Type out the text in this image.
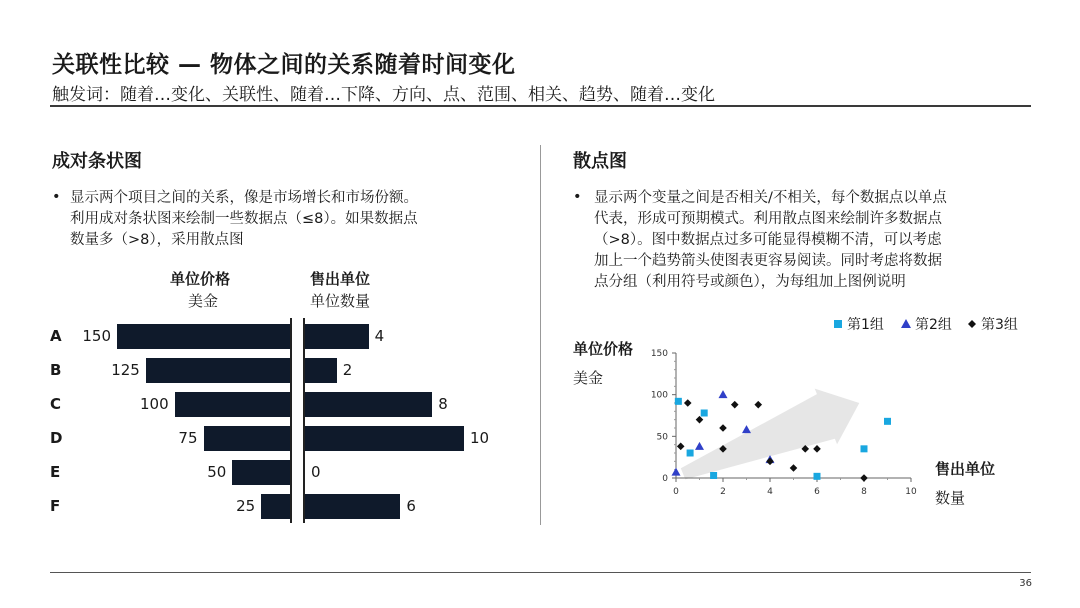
关联性比较 — 物体之间的关系随着时间变化
触发词：随着…变化、关联性、随着…下降、方向、点、范围、相关、趋势、随着…变化
成对条状图
• 显示两个项目之间的关系，像是市场增长和市场份额。
利用成对条状图来绘制一些数据点（≤8）。如果数据点
数量多（>8），采用散点图
单位价格
美金
售出单位
单位数量
A	150	4
B	125	2
C	100	8
D	75	10
E	50	0
F	25	6
散点图
• 显示两个变量之间是否相关/不相关，每个数据点以单点
代表，形成可预期模式。利用散点图来绘制许多数据点
（>8）。图中数据点过多可能显得模糊不清，可以考虑
加上一个趋势箭头使图表更容易阅读。同时考虑将数据
点分组（利用符号或颜色），为每组加上图例说明
单位价格
美金
售出单位
数量
0
50
100
150
0	2	4	6	8	10
第1组 第2组 第3组
36
